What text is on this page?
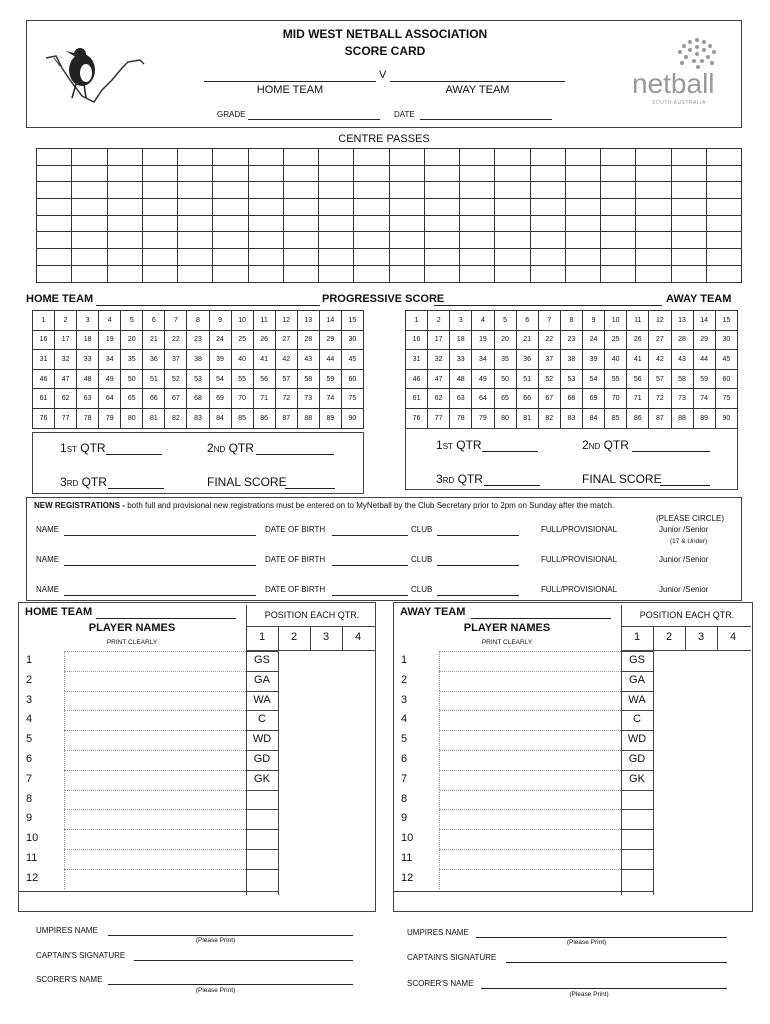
MID WEST NETBALL ASSOCIATION
SCORE CARD
V
HOME TEAM	AWAY TEAM
GRADE	DATE
netball
SOUTH AUSTRALIA
CENTRE PASSES

HOME TEAM	PROGRESSIVE SCORE	AWAY TEAM
1	2	3	4	5	6	7	8	9	10	11	12	13	14	15
16	17	18	19	20	21	22	23	24	25	26	27	28	29	30
31	32	33	34	35	36	37	38	39	40	41	42	43	44	45
46	47	48	49	50	51	52	53	54	55	56	57	58	59	60
61	62	63	64	65	66	67	68	69	70	71	72	73	74	75
76	77	78	79	80	81	82	83	84	85	86	87	88	89	90
1	2	3	4	5	6	7	8	9	10	11	12	13	14	15
16	17	18	19	20	21	22	23	24	25	26	27	28	29	30
31	32	33	34	35	36	37	38	39	40	41	42	43	44	45
46	47	48	49	50	51	52	53	54	55	56	57	58	59	60
61	62	63	64	65	66	67	68	69	70	71	72	73	74	75
76	77	78	79	80	81	82	83	84	85	86	87	88	89	90
1ST QTR	2ND QTR
3RD QTR	FINAL SCORE
1ST QTR	2ND QTR
3RD QTR	FINAL SCORE
NEW REGISTRATIONS - both full and provisional new registrations must be entered on to MyNetball by the Club Secretary prior to 2pm on Sunday after the match.
(PLEASE CIRCLE)
NAME	DATE OF BIRTH	CLUB	FULL/PROVISIONAL	Junior /Senior
NAME	DATE OF BIRTH	CLUB	FULL/PROVISIONAL	Junior /Senior
NAME	DATE OF BIRTH	CLUB	FULL/PROVISIONAL	Junior /Senior
(17 & Under)
HOME TEAM
PLAYER NAMES
PRINT CLEARLY
POSITION EACH QTR.
1	2	3	4
1	GS
2	GA
3	WA
4	C
5	WD
6	GD
7	GK
8
9
10
11
12
AWAY TEAM
PLAYER NAMES
PRINT CLEARLY
POSITION EACH QTR.
1	2	3	4
1	GS
2	GA
3	WA
4	C
5	WD
6	GD
7	GK
8
9
10
11
12
UMPIRES NAME
(Please Print)
CAPTAIN'S SIGNATURE
SCORER'S NAME
(Please Print)
UMPIRES NAME
(Please Print)
CAPTAIN'S SIGNATURE
SCORER'S NAME
(Please Print)
